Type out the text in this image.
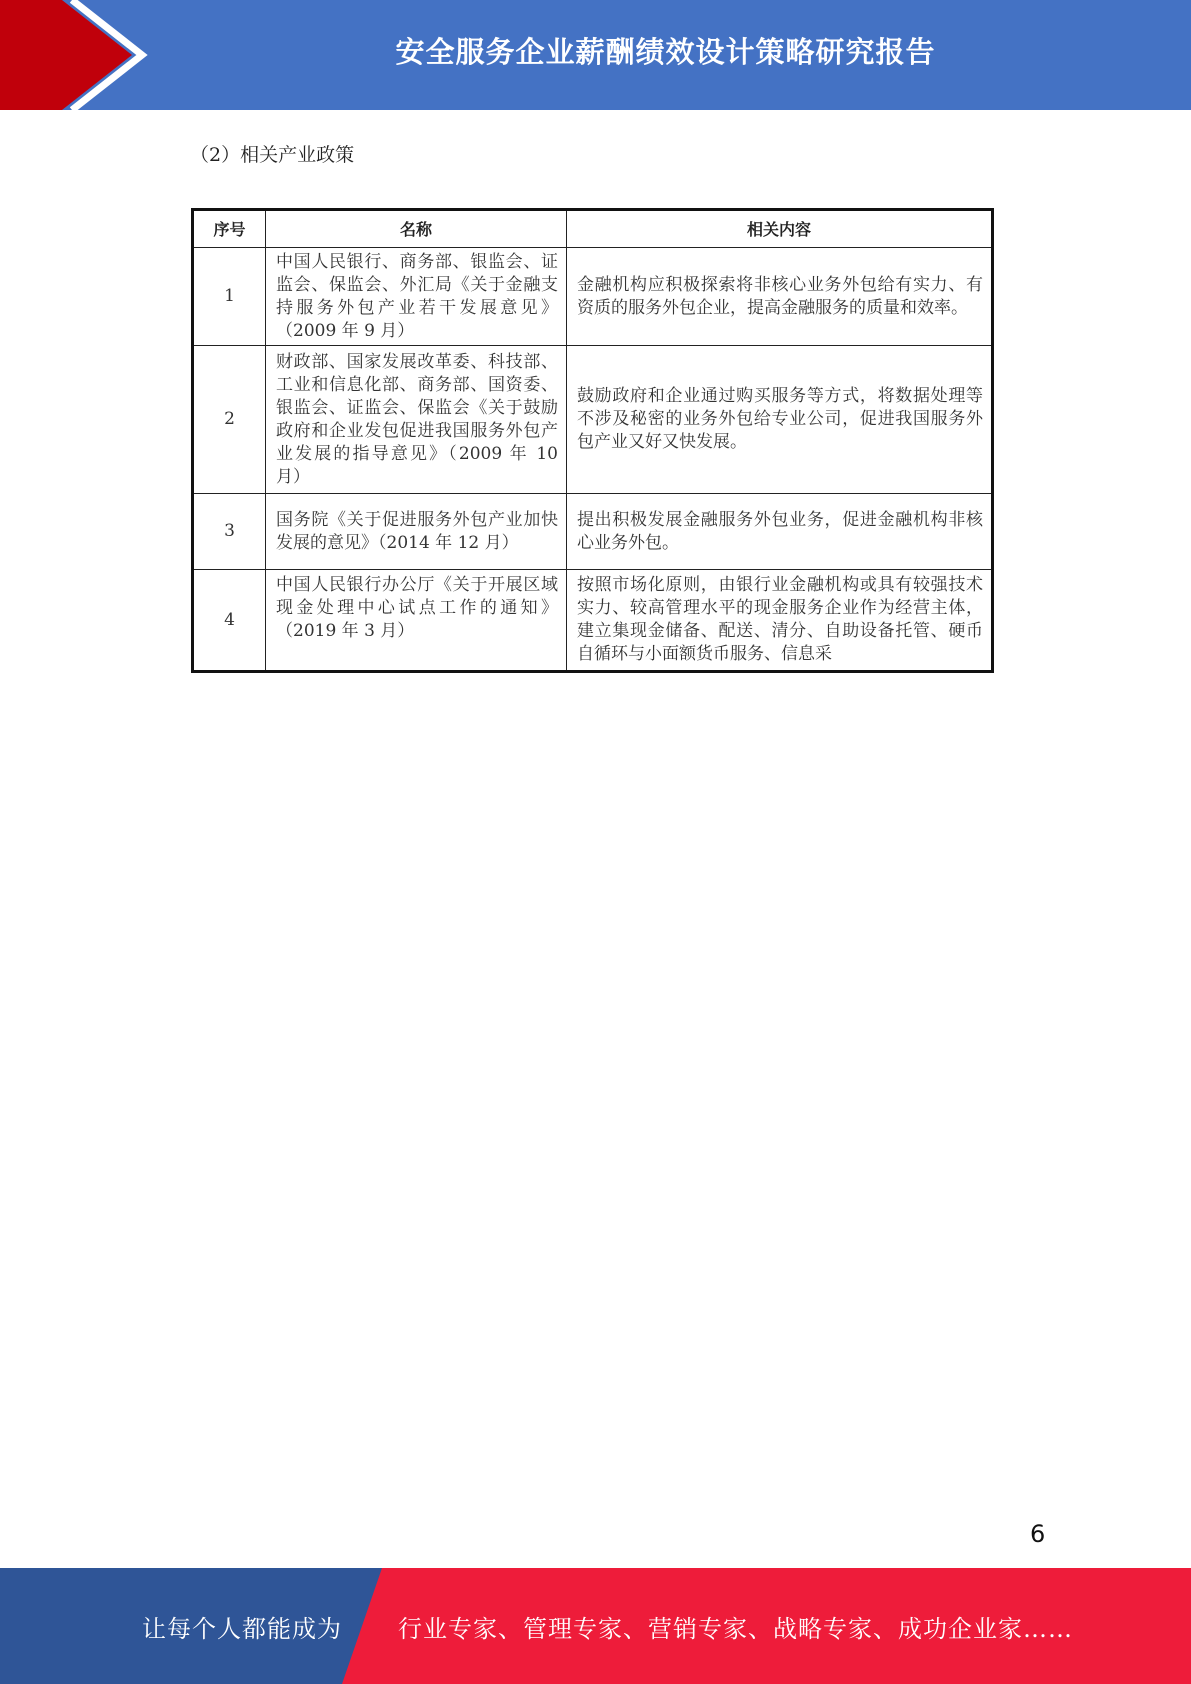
安全服务企业薪酬绩效设计策略研究报告
（2）相关产业政策
序号	名称	相关内容
1	中国人民银行、商务部、银监会、证监会、保监会、外汇局《关于金融支持服务外包产业若干发展意见》（2009 年 9 月）	金融机构应积极探索将非核心业务外包给有实力、有资质的服务外包企业，提高金融服务的质量和效率。
2	财政部、国家发展改革委、科技部、工业和信息化部、商务部、国资委、银监会、证监会、保监会《关于鼓励政府和企业发包促进我国服务外包产业发展的指导意见》（2009 年 10 月）	鼓励政府和企业通过购买服务等方式，将数据处理等不涉及秘密的业务外包给专业公司，促进我国服务外包产业又好又快发展。
3	国务院《关于促进服务外包产业加快发展的意见》（2014 年 12 月）	提出积极发展金融服务外包业务，促进金融机构非核心业务外包。
4	中国人民银行办公厅《关于开展区域现金处理中心试点工作的通知》（2019 年 3 月）	按照市场化原则，由银行业金融机构或具有较强技术实力、较高管理水平的现金服务企业作为经营主体，建立集现金储备、配送、清分、自助设备托管、硬币自循环与小面额货币服务、信息采
6
让每个人都能成为 行业专家、管理专家、营销专家、战略专家、成功企业家……
